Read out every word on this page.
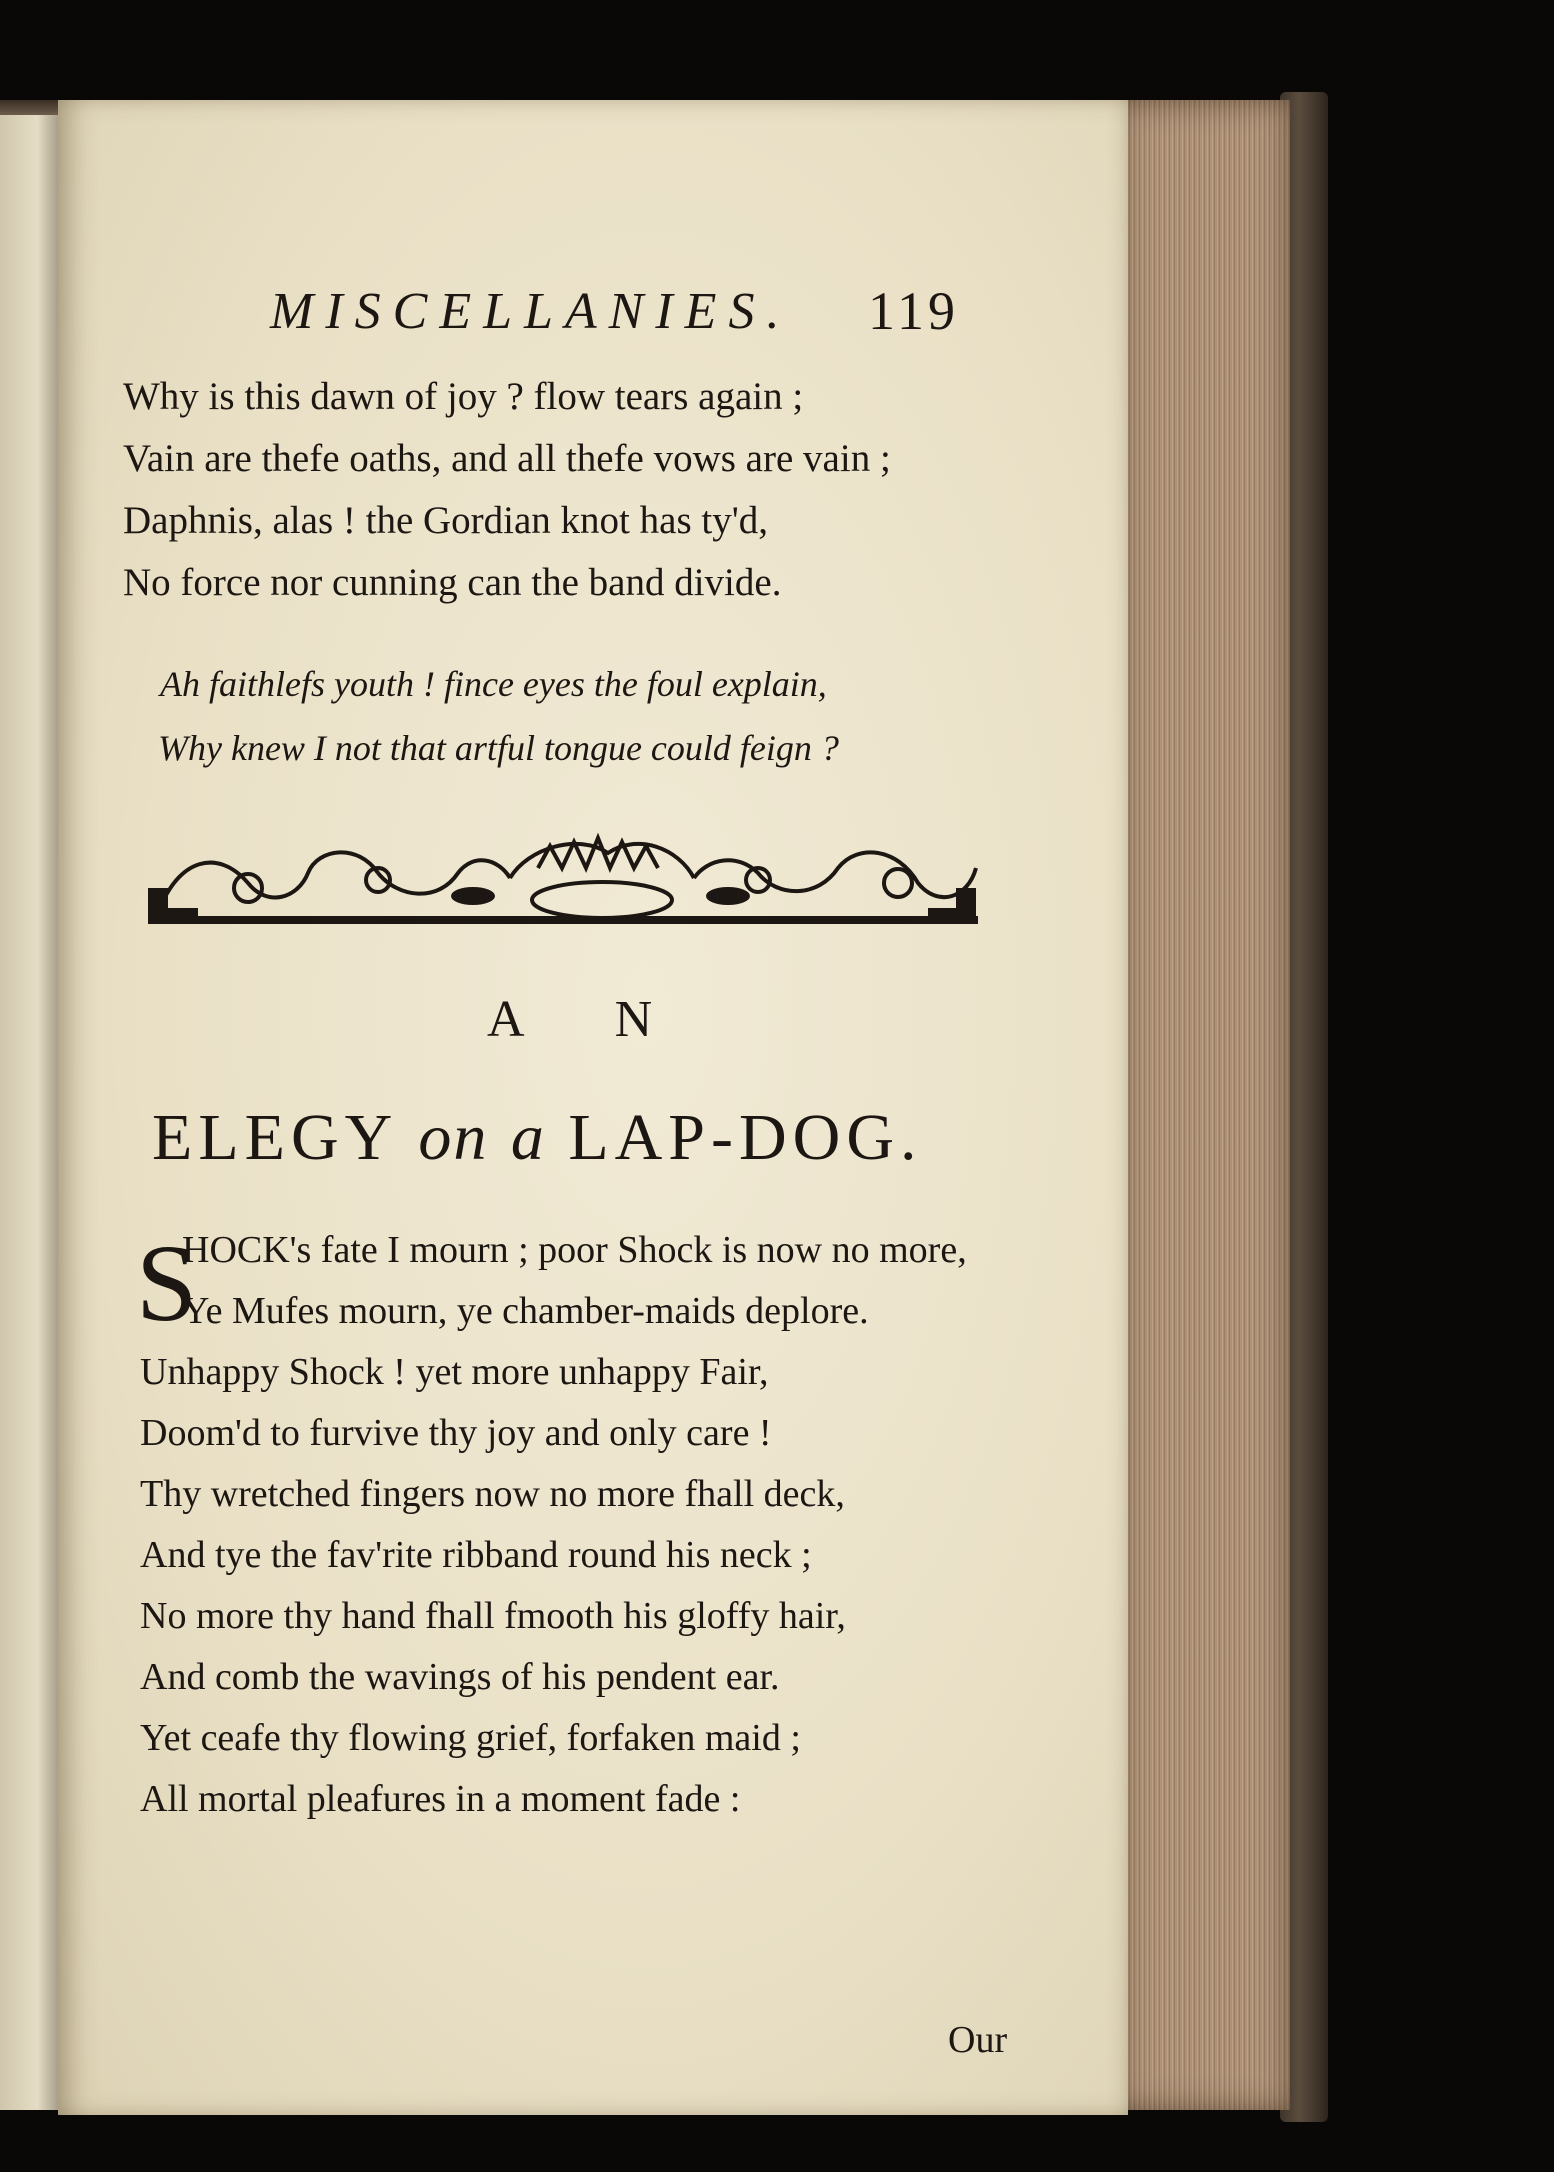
MISCELLANIES. 119
Why is this dawn of joy ? flow tears again ;
Vain are thefe oaths, and all thefe vows are vain ;
Daphnis, alas ! the Gordian knot has ty'd,
No force nor cunning can the band divide.
Ah faithlefs youth ! fince eyes the foul explain,
Why knew I not that artful tongue could feign ?
A N
ELEGY on a LAP-DOG.
S
HOCK's fate I mourn ; poor Shock is now no more,
Ye Mufes mourn, ye chamber-maids deplore.
Unhappy Shock ! yet more unhappy Fair,
Doom'd to furvive thy joy and only care !
Thy wretched fingers now no more fhall deck,
And tye the fav'rite ribband round his neck ;
No more thy hand fhall fmooth his gloffy hair,
And comb the wavings of his pendent ear.
Yet ceafe thy flowing grief, forfaken maid ;
All mortal pleafures in a moment fade :
Our
